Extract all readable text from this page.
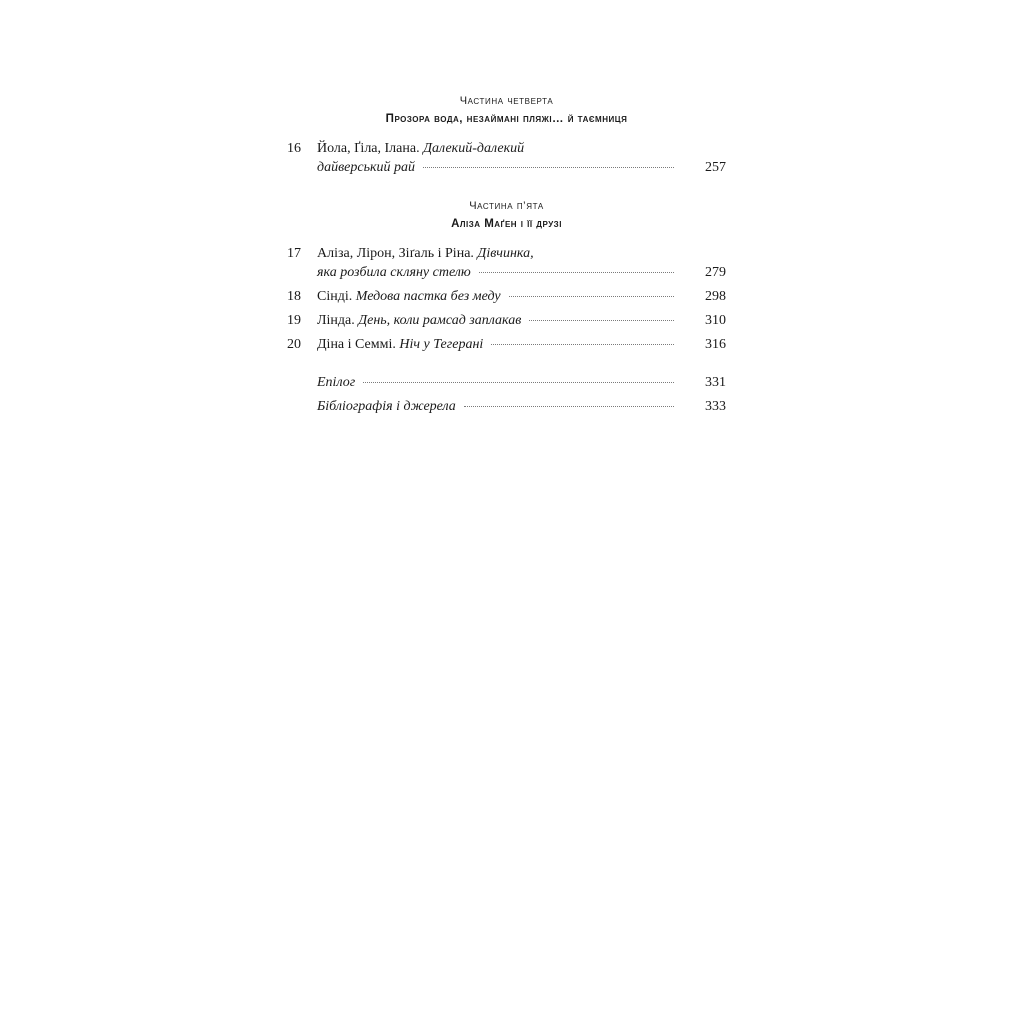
Частина четверта
Прозора вода, незаймані пляжі… й таємниця
16 Йола, Ґіла, Ілана.
Далекий-далекий
дайверський рай	257
Частина п’ята
Аліза Маґен і її друзі
17 Аліза, Лірон, Зіґаль і Ріна.
Дівчинка,
яка розбила скляну стелю	279
18 Сінді.
Медова пастка без меду	298
19 Лінда.
День, коли рамсад заплакав	310
20 Діна і Семмі.
Ніч у Тегерані	316
Епілог	331
Бібліографія і джерела	333
